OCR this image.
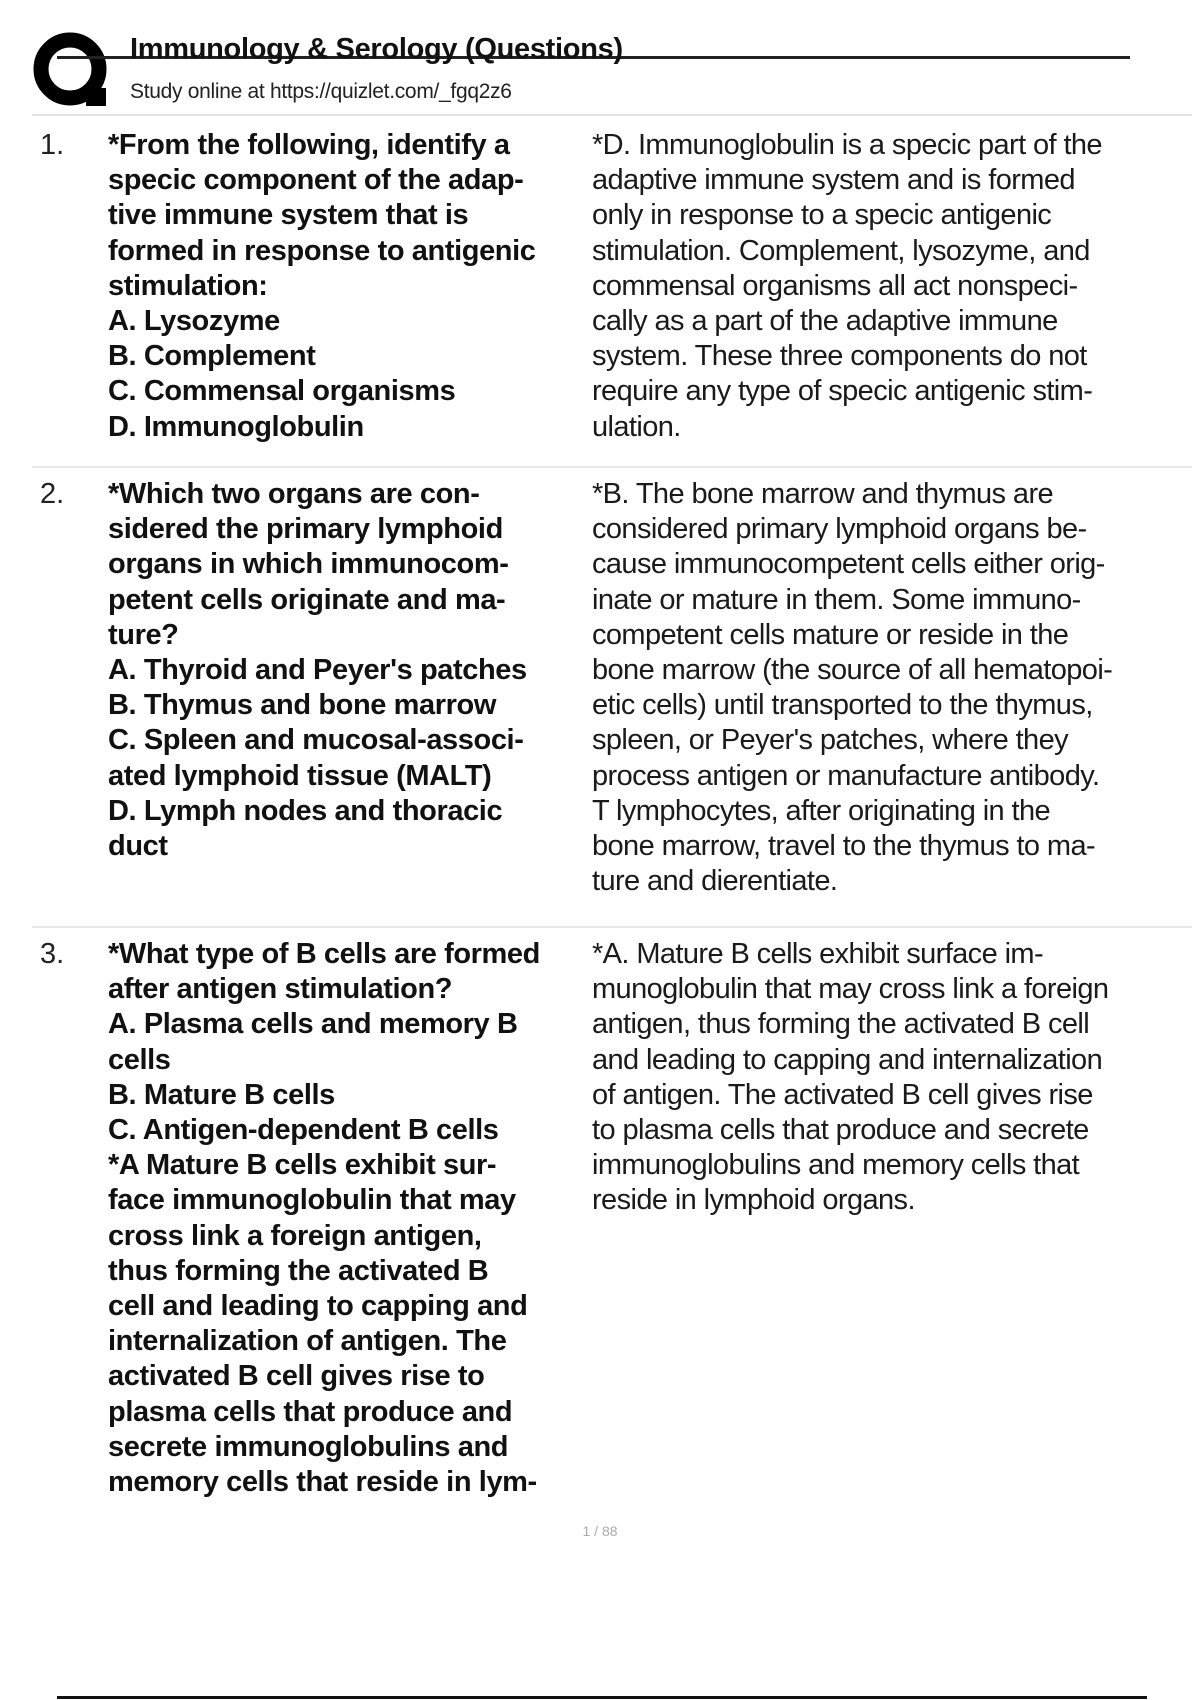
Immunology & Serology (Questions)
Study online at https://quizlet.com/_fgq2z6
1. *From the following, identify a
specic component of the adap-
tive immune system that is
formed in response to antigenic
stimulation:
A. Lysozyme
B. Complement
C. Commensal organisms
D. Immunoglobulin
*D. Immunoglobulin is a specic part of the
adaptive immune system and is formed
only in response to a specic antigenic
stimulation. Complement, lysozyme, and
commensal organisms all act nonspeci-
cally as a part of the adaptive immune
system. These three components do not
require any type of specic antigenic stim-
ulation.
2. *Which two organs are con-
sidered the primary lymphoid
organs in which immunocom-
petent cells originate and ma-
ture?
A. Thyroid and Peyer's patches
B. Thymus and bone marrow
C. Spleen and mucosal-associ-
ated lymphoid tissue (MALT)
D. Lymph nodes and thoracic
duct
*B. The bone marrow and thymus are
considered primary lymphoid organs be-
cause immunocompetent cells either orig-
inate or mature in them. Some immuno-
competent cells mature or reside in the
bone marrow (the source of all hematopoi-
etic cells) until transported to the thymus,
spleen, or Peyer's patches, where they
process antigen or manufacture antibody.
T lymphocytes, after originating in the
bone marrow, travel to the thymus to ma-
ture and dierentiate.
3. *What type of B cells are formed
after antigen stimulation?
A. Plasma cells and memory B
cells
B. Mature B cells
C. Antigen-dependent B cells
*A Mature B cells exhibit sur-
face immunoglobulin that may
cross link a foreign antigen,
thus forming the activated B
cell and leading to capping and
internalization of antigen. The
activated B cell gives rise to
plasma cells that produce and
secrete immunoglobulins and
memory cells that reside in lym-
*A. Mature B cells exhibit surface im-
munoglobulin that may cross link a foreign
antigen, thus forming the activated B cell
and leading to capping and internalization
of antigen. The activated B cell gives rise
to plasma cells that produce and secrete
immunoglobulins and memory cells that
reside in lymphoid organs.
1 / 88
